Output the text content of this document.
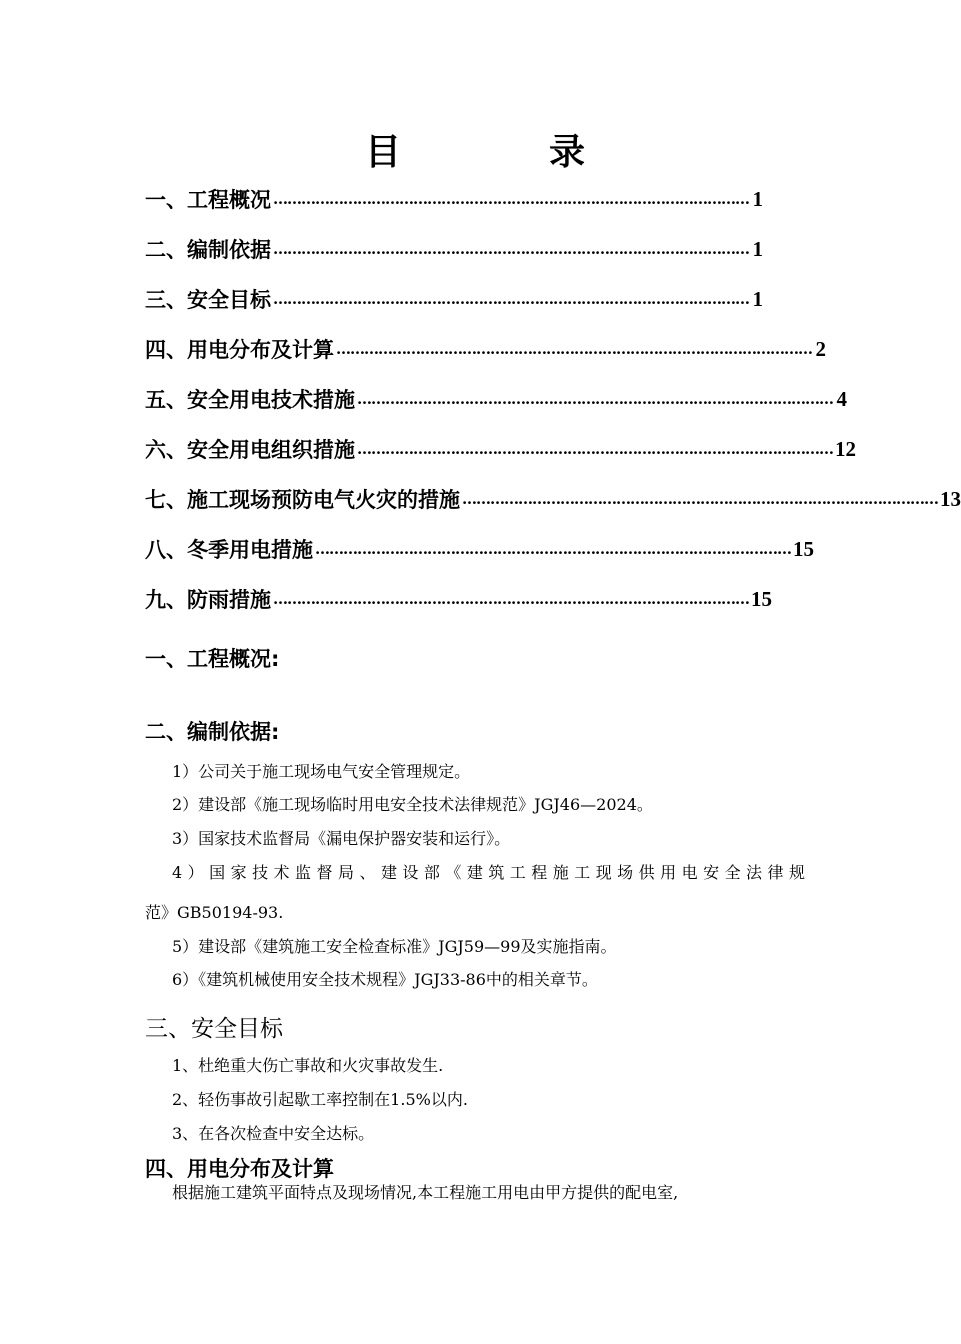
目	录
一、工程概况 ………………………………………………………………………………………… 1
二、编制依据 ………………………………………………………………………………………… 1
三、安全目标 ………………………………………………………………………………………… 1
四、用电分布及计算 ………………………………………………………………………………………… 2
五、安全用电技术措施 ………………………………………………………………………………………… 4
六、安全用电组织措施 ………………………………………………………………………………………… 12
七、施工现场预防电气火灾的措施 ………………………………………………………………………………………… 13
八、冬季用电措施 ………………………………………………………………………………………… 15
九、防雨措施 ………………………………………………………………………………………… 15
一、工程概况:
二、编制依据:
1）公司关于施工现场电气安全管理规定。
2）建设部《施工现场临时用电安全技术法律规范》JGJ46—2024。
3）国家技术监督局《漏电保护器安装和运行》。
4）国家技术监督局、建设部《建筑工程施工现场供用电安全法律规
范》GB50194-93.
5）建设部《建筑施工安全检查标准》JGJ59—99及实施指南。
6）《建筑机械使用安全技术规程》JGJ33-86中的相关章节。
三、安全目标
1、杜绝重大伤亡事故和火灾事故发生.
2、轻伤事故引起歇工率控制在1.5%以内.
3、在各次检查中安全达标。
四、用电分布及计算
根据施工建筑平面特点及现场情况,本工程施工用电由甲方提供的配电室,
